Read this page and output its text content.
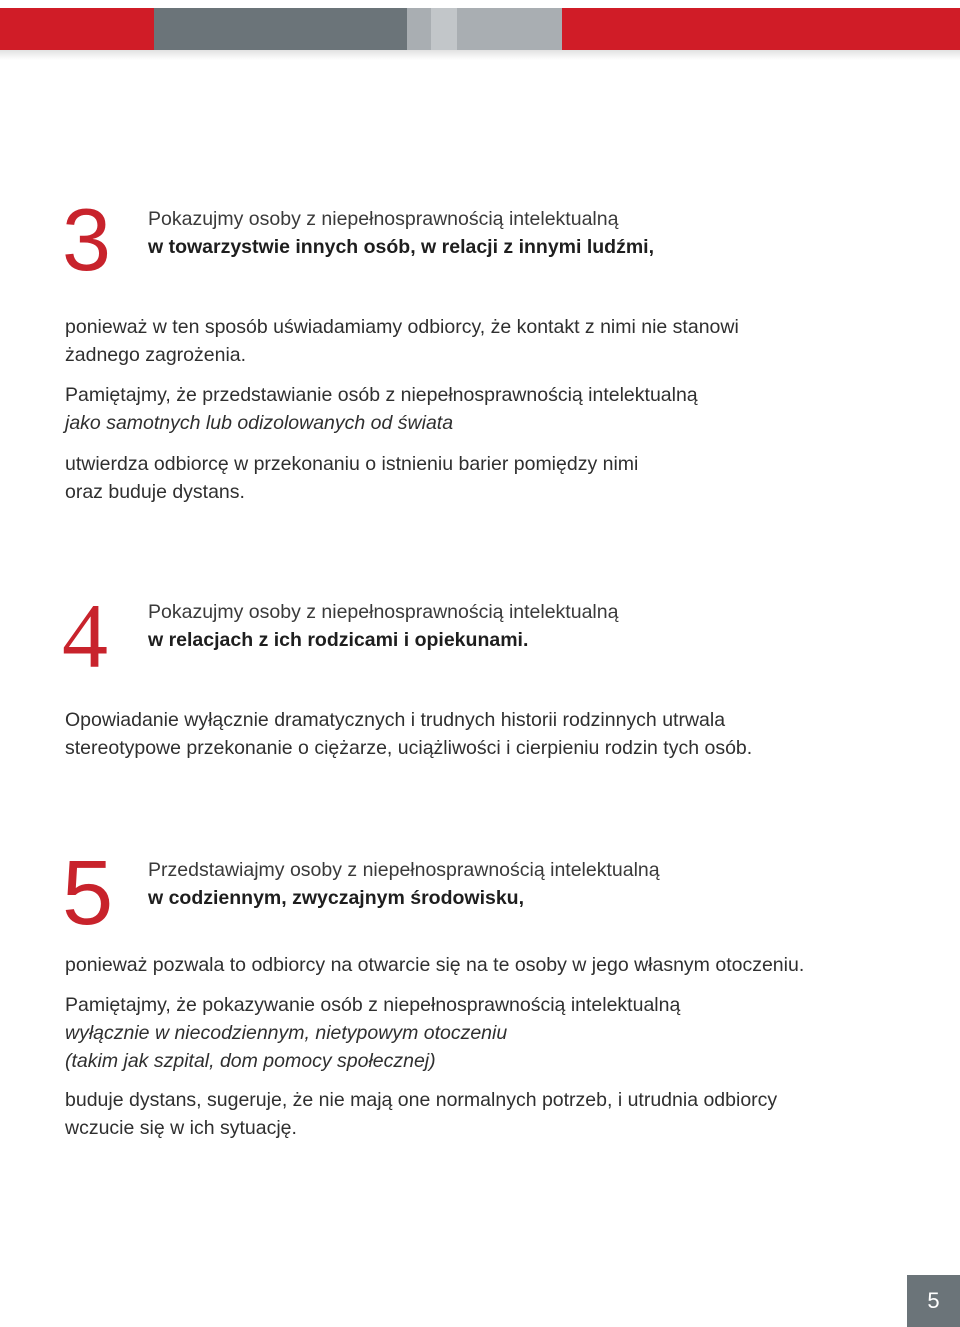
3 Pokazujmy osoby z niepełnosprawnością intelektualną
w towarzystwie innych osób, w relacji z innymi ludźmi,

ponieważ w ten sposób uświadamiamy odbiorcy, że kontakt z nimi nie stanowi
żadnego zagrożenia.

Pamiętajmy, że przedstawianie osób z niepełnosprawnością intelektualną
jako samotnych lub odizolowanych od świata

utwierdza odbiorcę w przekonaniu o istnieniu barier pomiędzy nimi
oraz buduje dystans.

4 Pokazujmy osoby z niepełnosprawnością intelektualną
w relacjach z ich rodzicami i opiekunami.

Opowiadanie wyłącznie dramatycznych i trudnych historii rodzinnych utrwala
stereotypowe przekonanie o ciężarze, uciążliwości i cierpieniu rodzin tych osób.

5 Przedstawiajmy osoby z niepełnosprawnością intelektualną
w codziennym, zwyczajnym środowisku,

ponieważ pozwala to odbiorcy na otwarcie się na te osoby w jego własnym otoczeniu.

Pamiętajmy, że pokazywanie osób z niepełnosprawnością intelektualną
wyłącznie w niecodziennym, nietypowym otoczeniu
(takim jak szpital, dom pomocy społecznej)

buduje dystans, sugeruje, że nie mają one normalnych potrzeb, i utrudnia odbiorcy
wczucie się w ich sytuację.

5
